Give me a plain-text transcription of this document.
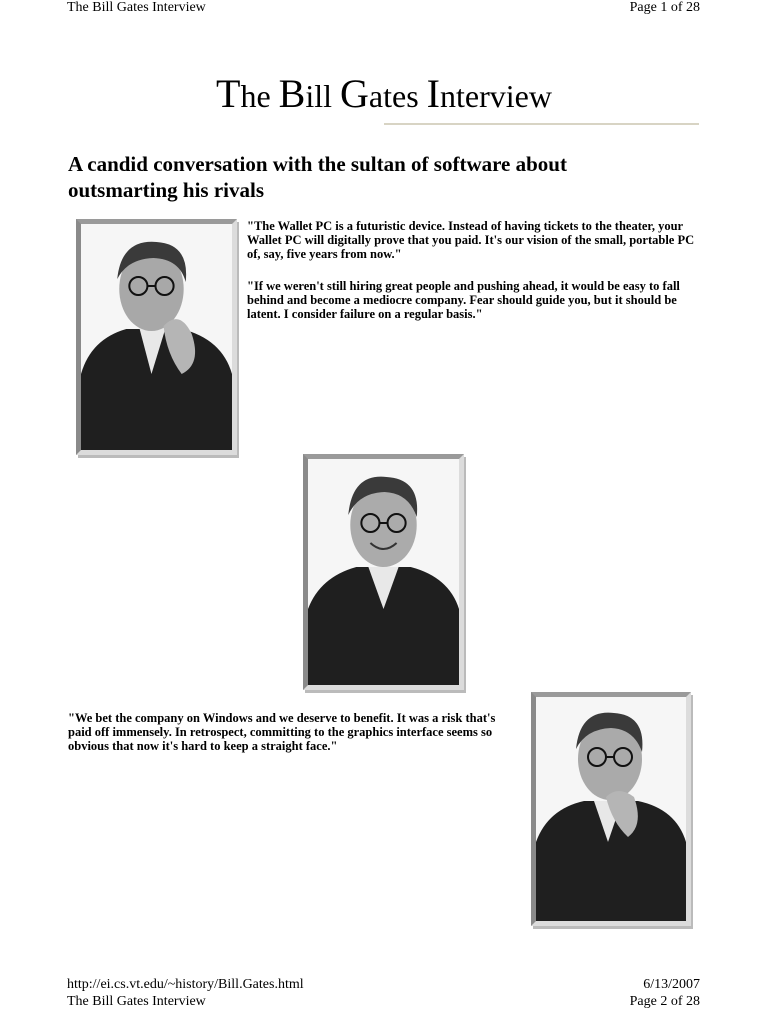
The Bill Gates Interview	Page 1 of 28
The Bill Gates Interview
A candid conversation with the sultan of software about outsmarting his rivals
"The Wallet PC is a futuristic device. Instead of having tickets to the theater, your Wallet PC will digitally prove that you paid. It's our vision of the small, portable PC of, say, five years from now."
"If we weren't still hiring great people and pushing ahead, it would be easy to fall behind and become a mediocre company. Fear should guide you, but it should be latent. I consider failure on a regular basis."
"We bet the company on Windows and we deserve to benefit. It was a risk that's paid off immensely. In retrospect, committing to the graphics interface seems so obvious that now it's hard to keep a straight face."
http://ei.cs.vt.edu/~history/Bill.Gates.html	6/13/2007
The Bill Gates Interview	Page 2 of 28
